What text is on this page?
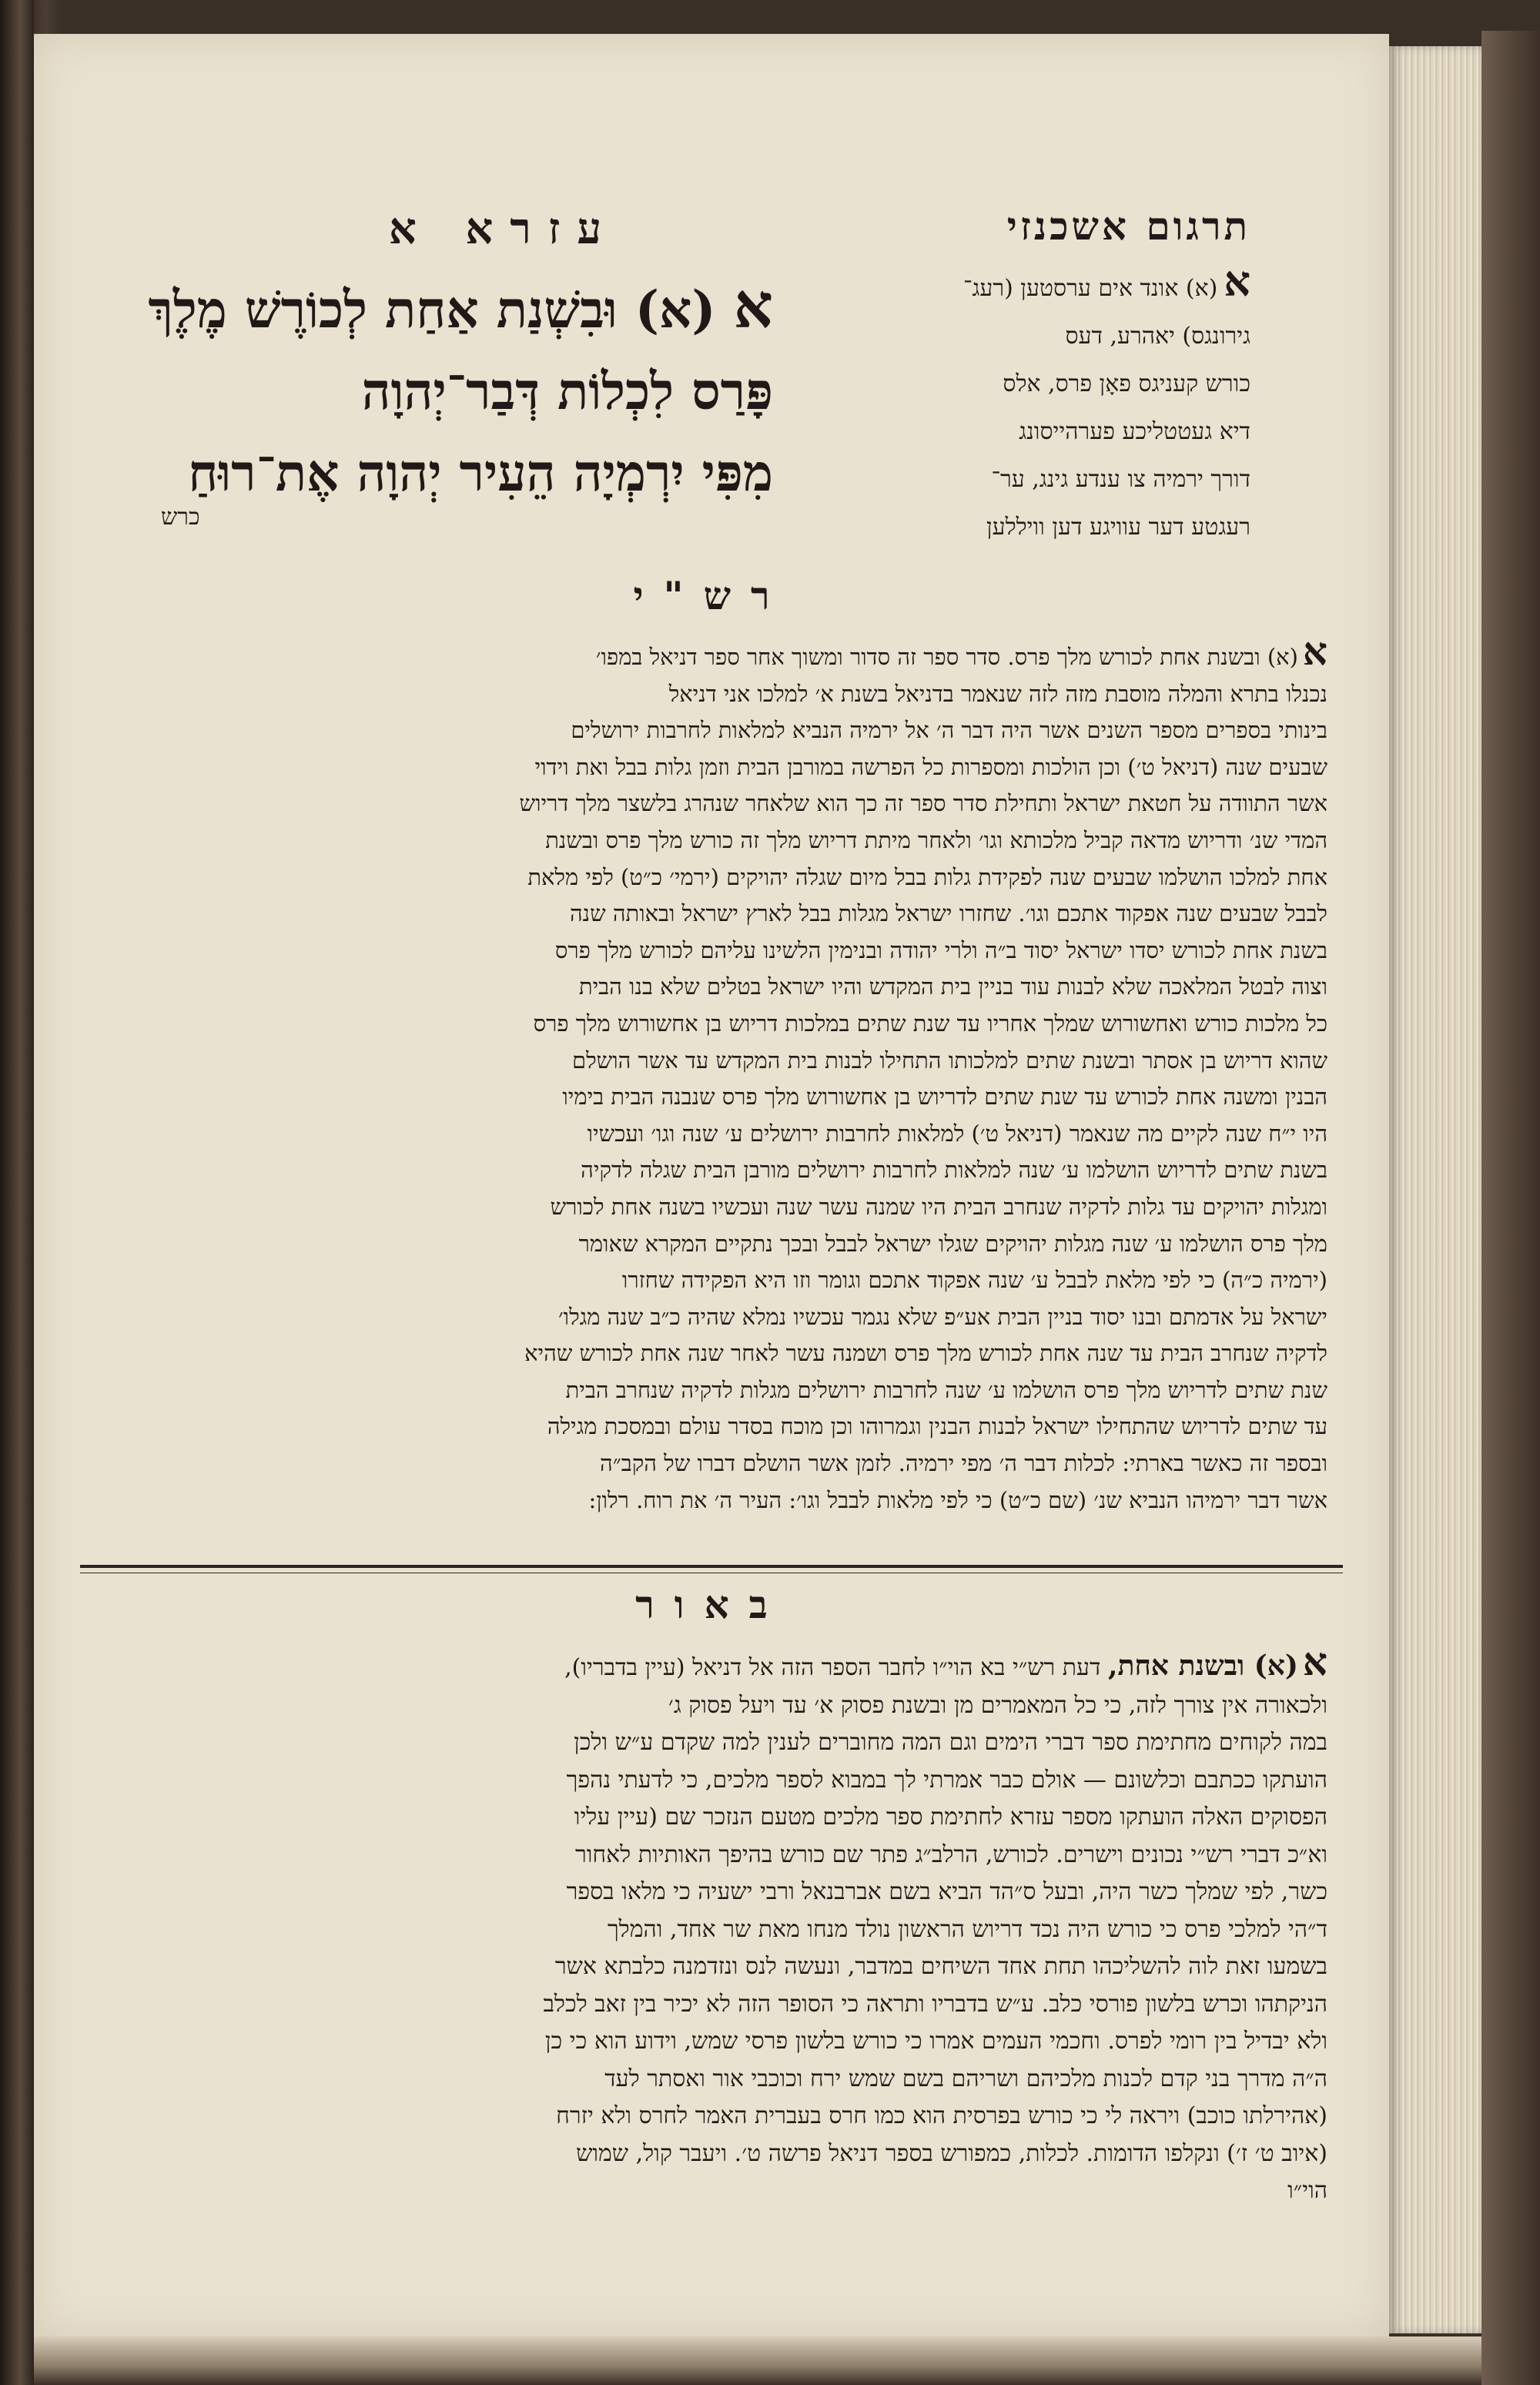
תרגום אשכנזי
עזרא א
א(א) אונד אים ערסטען (רעג־
גירונגס) יאהרע, דעס
כורש קעניגס פאָן פרס, אלס
דיא געטטליכע פערהייסונג
דורך ירמיה צו ענדע גינג, ער־
רעגטע דער עוויגע דען וויללען
א (א) וּבִשְׁנַת אַחַת לְכוֹרֶשׁ מֶלֶךְ
פָּרַס לִכְלוֹת דְּבַר־יְהוָה
מִפִּי יִרְמְיָה הֵעִיר יְהוָה אֶת־רוּחַ
כרש
רש"י
א(א) ובשנת אחת לכורש מלך פרס. סדר ספר זה סדור ומשוך אחר ספר דניאל במפו׳
נכנלו בתרא והמלה מוסבת מזה לזה שנאמר בדניאל בשנת א׳ למלכו אני דניאל
בינותי בספרים מספר השנים אשר היה דבר ה׳ אל ירמיה הנביא למלאות לחרבות ירושלים
שבעים שנה (דניאל ט׳) וכן הולכות ומספרות כל הפרשה במורבן הבית וזמן גלות בבל ואת וידוי
אשר התוודה על חטאת ישראל ותחילת סדר ספר זה כך הוא שלאחר שנהרג בלשצר מלך דריוש
המדי שנ׳ ודריוש מדאה קביל מלכותא וגו׳ ולאחר מיתת דריוש מלך זה כורש מלך פרס ובשנת
אחת למלכו הושלמו שבעים שנה לפקידת גלות בבל מיום שגלה יהויקים (ירמי׳ כ״ט) לפי מלאת
לבבל שבעים שנה אפקוד אתכם וגו׳. שחזרו ישראל מגלות בבל לארץ ישראל ובאותה שנה
בשנת אחת לכורש יסדו ישראל יסוד ב״ה ולרי יהודה ובנימין הלשינו עליהם לכורש מלך פרס
וצוה לבטל המלאכה שלא לבנות עוד בניין בית המקדש והיו ישראל בטלים שלא בנו הבית
כל מלכות כורש ואחשורוש שמלך אחריו עד שנת שתים במלכות דריוש בן אחשורוש מלך פרס
שהוא דריוש בן אסתר ובשנת שתים למלכותו התחילו לבנות בית המקדש עד אשר הושלם
הבנין ומשנה אחת לכורש עד שנת שתים לדריוש בן אחשורוש מלך פרס שנבנה הבית בימיו
היו י״ח שנה לקיים מה שנאמר (דניאל ט׳) למלאות לחרבות ירושלים ע׳ שנה וגו׳ ועכשיו
בשנת שתים לדריוש הושלמו ע׳ שנה למלאות לחרבות ירושלים מורבן הבית שגלה לדקיה
ומגלות יהויקים עד גלות לדקיה שנחרב הבית היו שמנה עשר שנה ועכשיו בשנה אחת לכורש
מלך פרס הושלמו ע׳ שנה מגלות יהויקים שגלו ישראל לבבל ובכך נתקיים המקרא שאומר
(ירמיה כ״ה) כי לפי מלאת לבבל ע׳ שנה אפקוד אתכם וגומר וזו היא הפקידה שחזרו
ישראל על אדמתם ובנו יסוד בניין הבית אע״פ שלא נגמר עכשיו נמלא שהיה כ״ב שנה מגלו׳
לדקיה שנחרב הבית עד שנה אחת לכורש מלך פרס ושמנה עשר לאחר שנה אחת לכורש שהיא
שנת שתים לדריוש מלך פרס הושלמו ע׳ שנה לחרבות ירושלים מגלות לדקיה שנחרב הבית
עד שתים לדריוש שהתחילו ישראל לבנות הבנין וגמרוהו וכן מוכח בסדר עולם ובמסכת מגילה
ובספר זה כאשר בארתי: לכלות דבר ה׳ מפי ירמיה. לזמן אשר הושלם דברו של הקב״ה
אשר דבר ירמיהו הנביא שנ׳ (שם כ״ט) כי לפי מלאות לבבל וגו׳: העיר ה׳ את רוח. רלון:
באור
א(א) ובשנת אחת, דעת רש״י בא הוי״ו לחבר הספר הזה אל דניאל (עיין בדבריו),
ולכאורה אין צורך לזה, כי כל המאמרים מן ובשנת פסוק א׳ עד ויעל פסוק ג׳
במה לקוחים מחתימת ספר דברי הימים וגם המה מחוברים לענין למה שקדם ע״ש ולכן
הועתקו ככתבם וכלשונם — אולם כבר אמרתי לך במבוא לספר מלכים, כי לדעתי נהפך
הפסוקים האלה הועתקו מספר עזרא לחתימת ספר מלכים מטעם הנזכר שם (עיין עליו
וא״כ דברי רש״י נכונים וישרים. לכורש, הרלב״ג פתר שם כורש בהיפך האותיות לאחור
כשר, לפי שמלך כשר היה, ובעל ס״הד הביא בשם אברבנאל ורבי ישעיה כי מלאו בספר
ד״הי למלכי פרס כי כורש היה נכד דריוש הראשון נולד מנחו מאת שר אחד, והמלך
בשמעו זאת לוה להשליכהו תחת אחד השיחים במדבר, ונעשה לנס ונזדמנה כלבתא אשר
הניקתהו וכרש בלשון פורסי כלב. ע״ש בדבריו ותראה כי הסופר הזה לא יכיר בין זאב לכלב
ולא יבדיל בין רומי לפרס. וחכמי העמים אמרו כי כורש בלשון פרסי שמש, וידוע הוא כי כן
ה״ה מדרך בני קדם לכנות מלכיהם ושריהם בשם שמש ירח וכוכבי אור ואסתר לעד
(אהירלתו כוכב) ויראה לי כי כורש בפרסית הוא כמו חרס בעברית האמר לחרס ולא יזרח
(איוב ט׳ ז׳) ונקלפו הדומות. לכלות, כמפורש בספר דניאל פרשה ט׳. ויעבר קול, שמוש
הוי״ו
